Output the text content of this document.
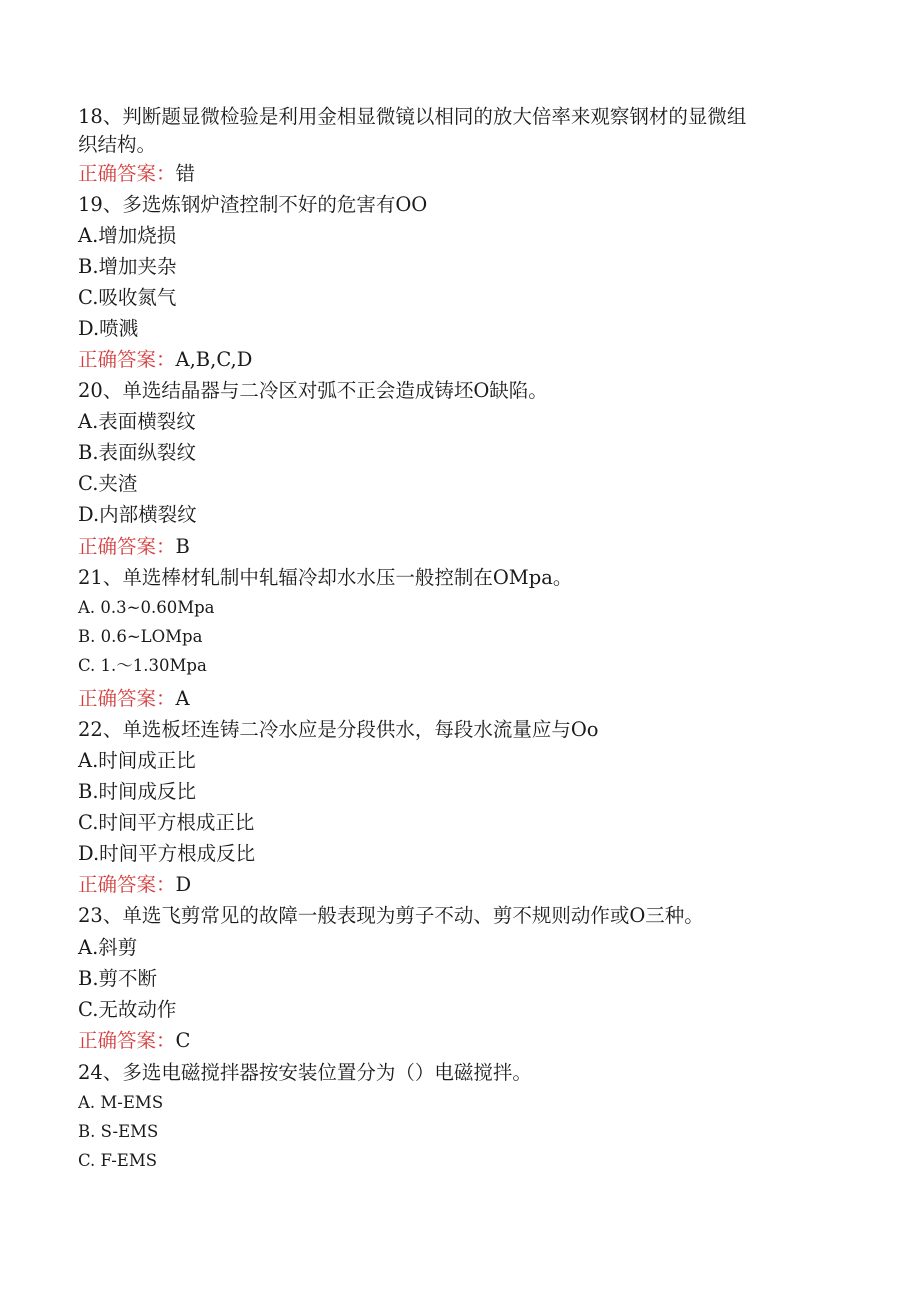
18、判断题显微检验是利用金相显微镜以相同的放大倍率来观察钢材的显微组
织结构。
正确答案：错
19、多选炼钢炉渣控制不好的危害有OO
A.增加烧损
B.增加夹杂
C.吸收氮气
D.喷溅
正确答案：A,B,C,D
20、单选结晶器与二冷区对弧不正会造成铸坯O缺陷。
A.表面横裂纹
B.表面纵裂纹
C.夹渣
D.内部横裂纹
正确答案：B
21、单选棒材轧制中轧辐冷却水水压一般控制在OMpa。
A. 0.3~0.60Mpa
B. 0.6~LOMpa
C. 1.～1.30Mpa
正确答案：A
22、单选板坯连铸二冷水应是分段供水，每段水流量应与Oo
A.时间成正比
B.时间成反比
C.时间平方根成正比
D.时间平方根成反比
正确答案：D
23、单选飞剪常见的故障一般表现为剪子不动、剪不规则动作或O三种。
A.斜剪
B.剪不断
C.无故动作
正确答案：C
24、多选电磁搅拌器按安装位置分为（）电磁搅拌。
A. M-EMS
B. S-EMS
C. F-EMS
